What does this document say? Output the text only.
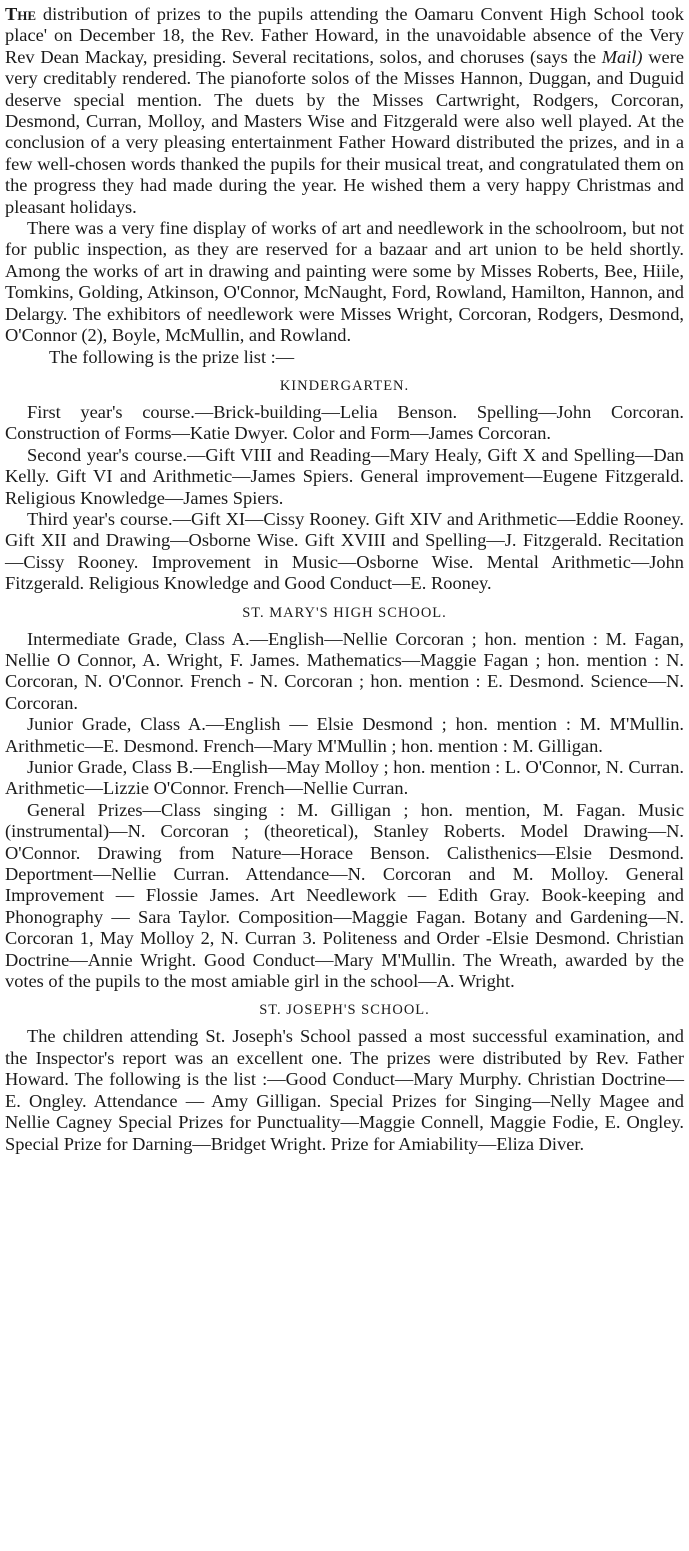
The distribution of prizes to the pupils attending the Oamaru Convent High School took place' on December 18, the Rev. Father Howard, in the unavoidable absence of the Very Rev Dean Mackay, presiding. Several recitations, solos, and choruses (says the Mail) were very creditably rendered. The pianoforte solos of the Misses Hannon, Duggan, and Duguid deserve special mention. The duets by the Misses Cartwright, Rodgers, Corcoran, Desmond, Curran, Molloy, and Masters Wise and Fitzgerald were also well played. At the conclusion of a very pleasing entertainment Father Howard distributed the prizes, and in a few well-chosen words thanked the pupils for their musical treat, and congratulated them on the progress they had made during the year. He wished them a very happy Christmas and pleasant holidays.

There was a very fine display of works of art and needlework in the schoolroom, but not for public inspection, as they are reserved for a bazaar and art union to be held shortly. Among the works of art in drawing and painting were some by Misses Roberts, Bee, Hiile, Tomkins, Golding, Atkinson, O'Connor, McNaught, Ford, Rowland, Hamilton, Hannon, and Delargy. The exhibitors of needlework were Misses Wright, Corcoran, Rodgers, Desmond, O'Connor (2), Boyle, McMullin, and Rowland.

The following is the prize list :—

KINDERGARTEN.

First year's course.—Brick-building—Lelia Benson. Spelling—John Corcoran. Construction of Forms—Katie Dwyer. Color and Form—James Corcoran.

Second year's course.—Gift VIII and Reading—Mary Healy, Gift X and Spelling—Dan Kelly. Gift VI and Arithmetic—James Spiers. General improvement—Eugene Fitzgerald. Religious Knowledge—James Spiers.

Third year's course.—Gift XI—Cissy Rooney. Gift XIV and Arithmetic—Eddie Rooney. Gift XII and Drawing—Osborne Wise. Gift XVIII and Spelling—J. Fitzgerald. Recitation—Cissy Rooney. Improvement in Music—Osborne Wise. Mental Arithmetic—John Fitzgerald. Religious Knowledge and Good Conduct—E. Rooney.

ST. MARY'S HIGH SCHOOL.

Intermediate Grade, Class A.—English—Nellie Corcoran ; hon. mention : M. Fagan, Nellie O Connor, A. Wright, F. James. Mathematics—Maggie Fagan ; hon. mention : N. Corcoran, N. O'Connor. French - N. Corcoran ; hon. mention : E. Desmond. Science—N. Corcoran.

Junior Grade, Class A.—English — Elsie Desmond ; hon. mention : M. M'Mullin. Arithmetic—E. Desmond. French—Mary M'Mullin ; hon. mention : M. Gilligan.

Junior Grade, Class B.—English—May Molloy ; hon. mention : L. O'Connor, N. Curran. Arithmetic—Lizzie O'Connor. French—Nellie Curran.

General Prizes—Class singing : M. Gilligan ; hon. mention, M. Fagan. Music (instrumental)—N. Corcoran ; (theoretical), Stanley Roberts. Model Drawing—N. O'Connor. Drawing from Nature—Horace Benson. Calisthenics—Elsie Desmond. Deportment—Nellie Curran. Attendance—N. Corcoran and M. Molloy. General Improvement — Flossie James. Art Needlework — Edith Gray. Book-keeping and Phonography — Sara Taylor. Composition—Maggie Fagan. Botany and Gardening—N. Corcoran 1, May Molloy 2, N. Curran 3. Politeness and Order -Elsie Desmond. Christian Doctrine—Annie Wright. Good Conduct—Mary M'Mullin. The Wreath, awarded by the votes of the pupils to the most amiable girl in the school—A. Wright.

ST. JOSEPH'S SCHOOL.

The children attending St. Joseph's School passed a most successful examination, and the Inspector's report was an excellent one. The prizes were distributed by Rev. Father Howard. The following is the list :—Good Conduct—Mary Murphy. Christian Doctrine—E. Ongley. Attendance — Amy Gilligan. Special Prizes for Singing—Nelly Magee and Nellie Cagney Special Prizes for Punctuality—Maggie Connell, Maggie Fodie, E. Ongley. Special Prize for Darning—Bridget Wright. Prize for Amiability—Eliza Diver.
